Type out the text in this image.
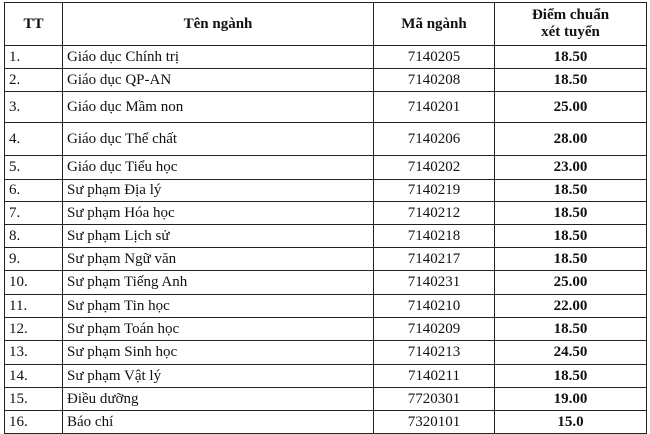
TT	Tên ngành	Mã ngành	Điểm chuẩn
xét tuyển

1.	Giáo dục Chính trị	7140205	18.50
2.	Giáo dục QP-AN	7140208	18.50
3.	Giáo dục Mầm non	7140201	25.00
4.	Giáo dục Thể chất	7140206	28.00
5.	Giáo dục Tiểu học	7140202	23.00
6.	Sư phạm Địa lý	7140219	18.50
7.	Sư phạm Hóa học	7140212	18.50
8.	Sư phạm Lịch sử	7140218	18.50
9.	Sư phạm Ngữ văn	7140217	18.50
10.	Sư phạm Tiếng Anh	7140231	25.00
11.	Sư phạm Tin học	7140210	22.00
12.	Sư phạm Toán học	7140209	18.50
13.	Sư phạm Sinh học	7140213	24.50
14.	Sư phạm Vật lý	7140211	18.50
15.	Điều dưỡng	7720301	19.00
16.	Báo chí	7320101	15.0
